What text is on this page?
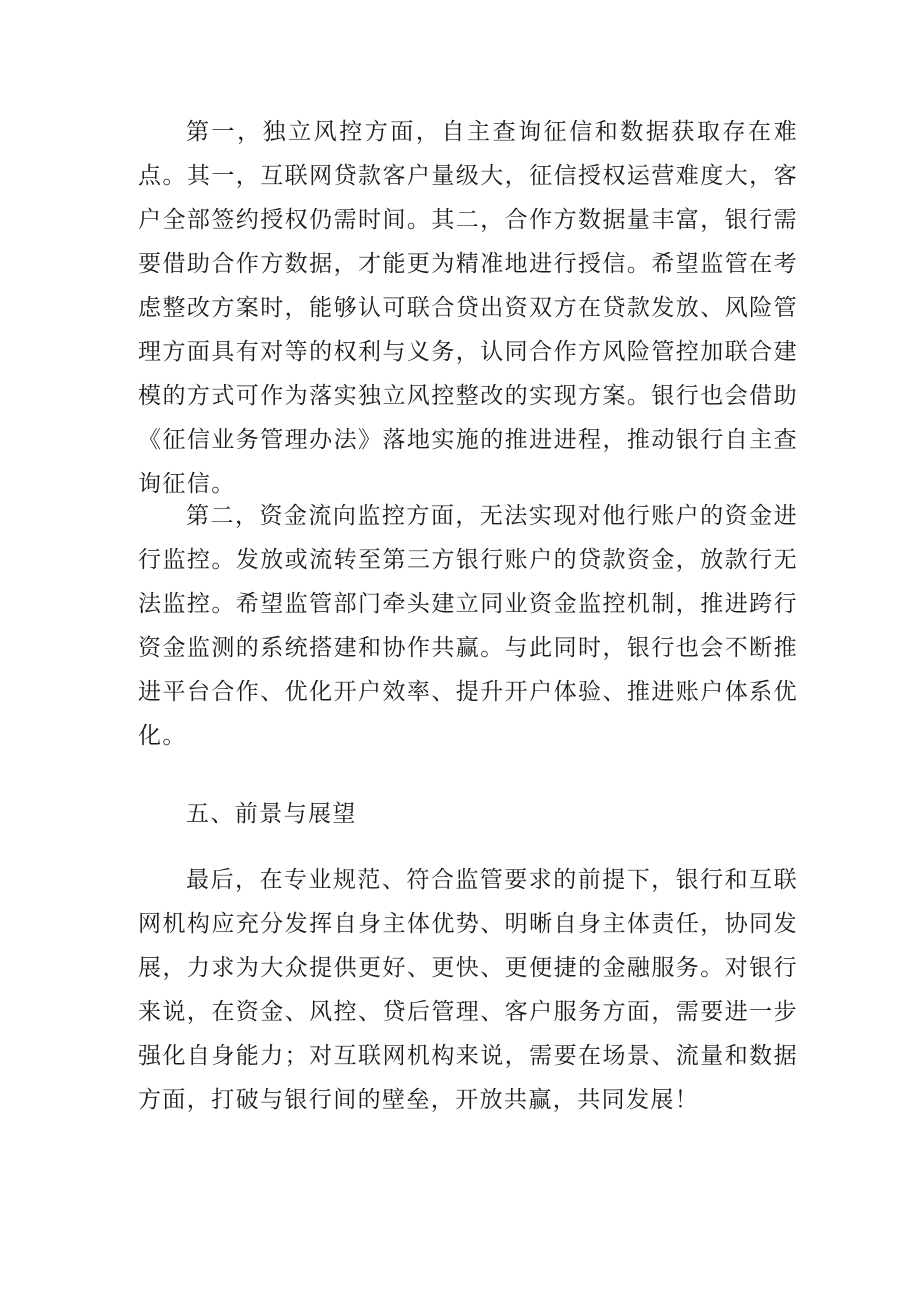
第一，独立风控方面，自主查询征信和数据获取存在难点。其一，互联网贷款客户量级大，征信授权运营难度大，客户全部签约授权仍需时间。其二，合作方数据量丰富，银行需要借助合作方数据，才能更为精准地进行授信。希望监管在考虑整改方案时，能够认可联合贷出资双方在贷款发放、风险管理方面具有对等的权利与义务，认同合作方风险管控加联合建模的方式可作为落实独立风控整改的实现方案。银行也会借助《征信业务管理办法》落地实施的推进进程，推动银行自主查询征信。

第二，资金流向监控方面，无法实现对他行账户的资金进行监控。发放或流转至第三方银行账户的贷款资金，放款行无法监控。希望监管部门牵头建立同业资金监控机制，推进跨行资金监测的系统搭建和协作共赢。与此同时，银行也会不断推进平台合作、优化开户效率、提升开户体验、推进账户体系优化。

五、前景与展望

最后，在专业规范、符合监管要求的前提下，银行和互联网机构应充分发挥自身主体优势、明晰自身主体责任，协同发展，力求为大众提供更好、更快、更便捷的金融服务。对银行来说，在资金、风控、贷后管理、客户服务方面，需要进一步强化自身能力；对互联网机构来说，需要在场景、流量和数据方面，打破与银行间的壁垒，开放共赢，共同发展！
